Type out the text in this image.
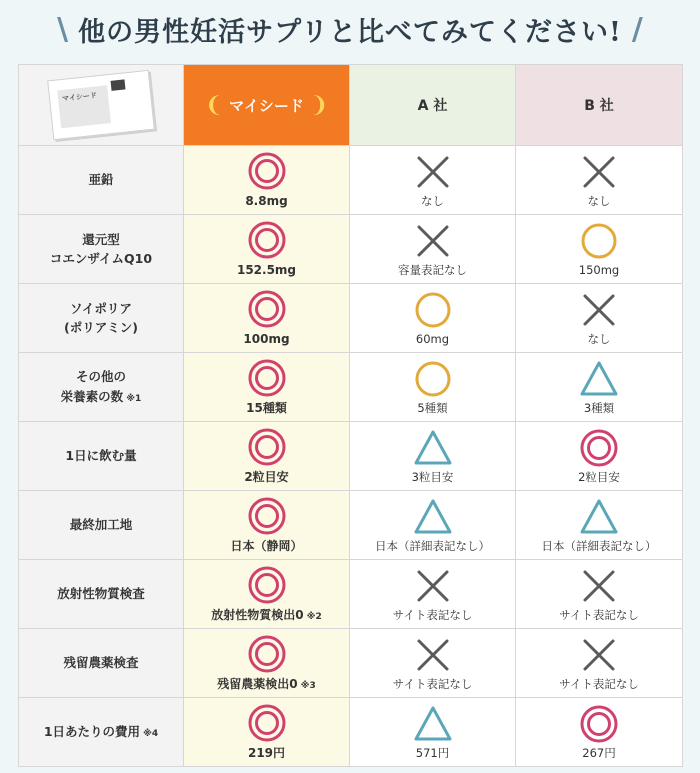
\ 他の男性妊活サプリと比べてみてください! /
マイシード	❨ マイシード ❩	A 社	B 社
亜鉛	8.8mg	なし	なし

還元型
コエンザイムQ10	152.5mg	容量表記なし	150mg

ソイポリア
(ポリアミン)	100mg	60mg	なし

その他の
栄養素の数 ※1	15種類	5種類	3種類

1日に飲む量	2粒目安	3粒目安	2粒目安

最終加工地	日本（静岡）	日本（詳細表記なし）	日本（詳細表記なし）

放射性物質検査	放射性物質検出0 ※2	サイト表記なし	サイト表記なし

残留農薬検査	残留農薬検出0 ※3	サイト表記なし	サイト表記なし

1日あたりの費用 ※4	219円	571円	267円
